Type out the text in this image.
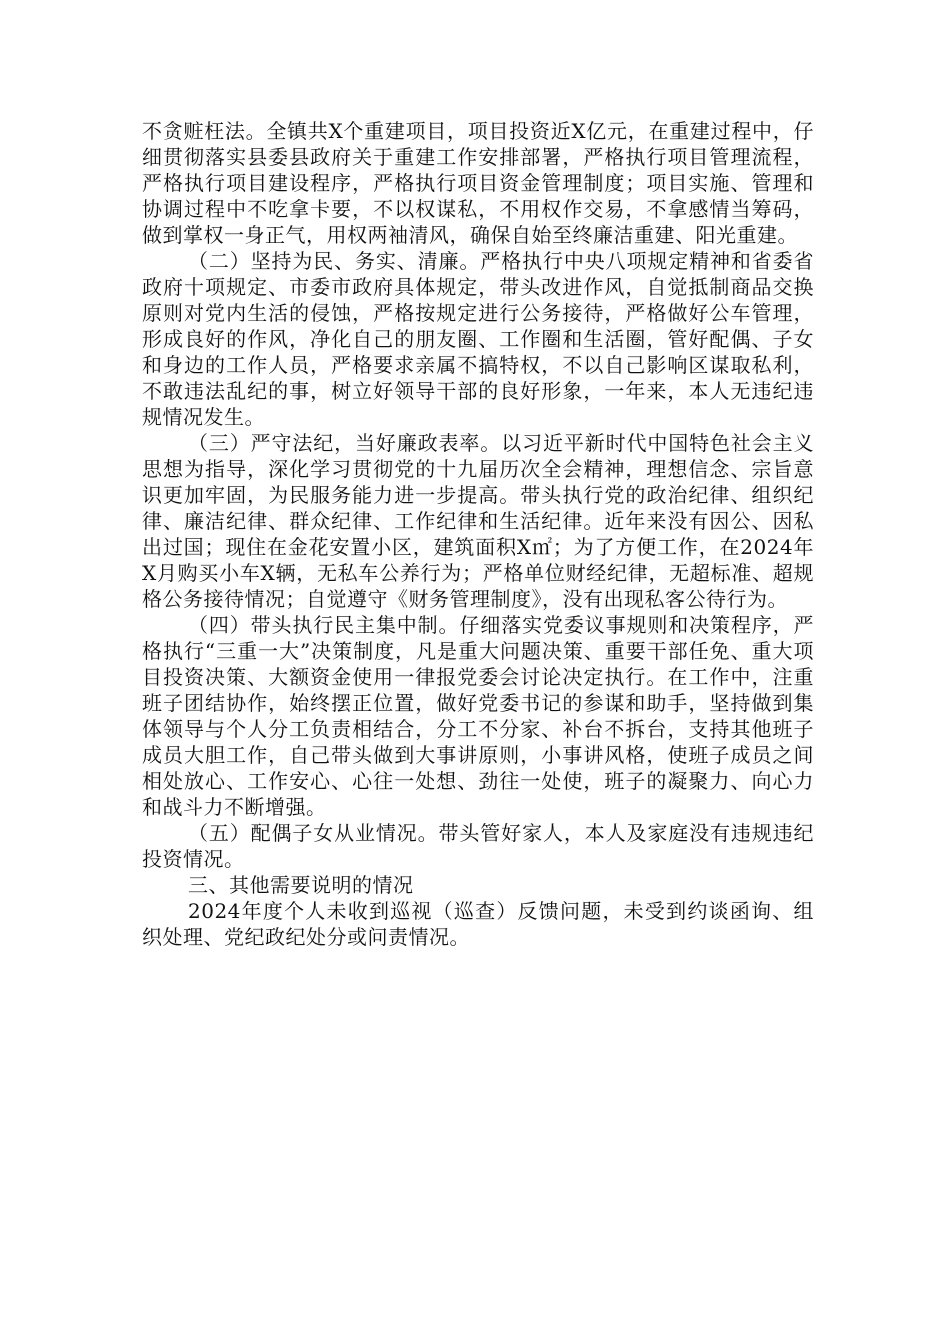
不贪赃枉法。全镇共X个重建项目，项目投资近X亿元，在重建过程中，仔细贯彻落实县委县政府关于重建工作安排部署，严格执行项目管理流程，严格执行项目建设程序，严格执行项目资金管理制度；项目实施、管理和协调过程中不吃拿卡要，不以权谋私，不用权作交易，不拿感情当筹码，做到掌权一身正气，用权两袖清风，确保自始至终廉洁重建、阳光重建。

（二）坚持为民、务实、清廉。严格执行中央八项规定精神和省委省政府十项规定、市委市政府具体规定，带头改进作风，自觉抵制商品交换原则对党内生活的侵蚀，严格按规定进行公务接待，严格做好公车管理，形成良好的作风，净化自己的朋友圈、工作圈和生活圈，管好配偶、子女和身边的工作人员，严格要求亲属不搞特权，不以自己影响区谋取私利，不敢违法乱纪的事，树立好领导干部的良好形象，一年来，本人无违纪违规情况发生。

（三）严守法纪，当好廉政表率。以习近平新时代中国特色社会主义思想为指导，深化学习贯彻党的十九届历次全会精神，理想信念、宗旨意识更加牢固，为民服务能力进一步提高。带头执行党的政治纪律、组织纪律、廉洁纪律、群众纪律、工作纪律和生活纪律。近年来没有因公、因私出过国；现住在金花安置小区，建筑面积X㎡；为了方便工作，在2024年X月购买小车X辆，无私车公养行为；严格单位财经纪律，无超标准、超规格公务接待情况；自觉遵守《财务管理制度》，没有出现私客公待行为。

（四）带头执行民主集中制。仔细落实党委议事规则和决策程序，严格执行“三重一大”决策制度，凡是重大问题决策、重要干部任免、重大项目投资决策、大额资金使用一律报党委会讨论决定执行。在工作中，注重班子团结协作，始终摆正位置，做好党委书记的参谋和助手，坚持做到集体领导与个人分工负责相结合，分工不分家、补台不拆台，支持其他班子成员大胆工作，自己带头做到大事讲原则，小事讲风格，使班子成员之间相处放心、工作安心、心往一处想、劲往一处使，班子的凝聚力、向心力和战斗力不断增强。

（五）配偶子女从业情况。带头管好家人，本人及家庭没有违规违纪投资情况。

三、其他需要说明的情况

2024年度个人未收到巡视（巡查）反馈问题，未受到约谈函询、组织处理、党纪政纪处分或问责情况。
